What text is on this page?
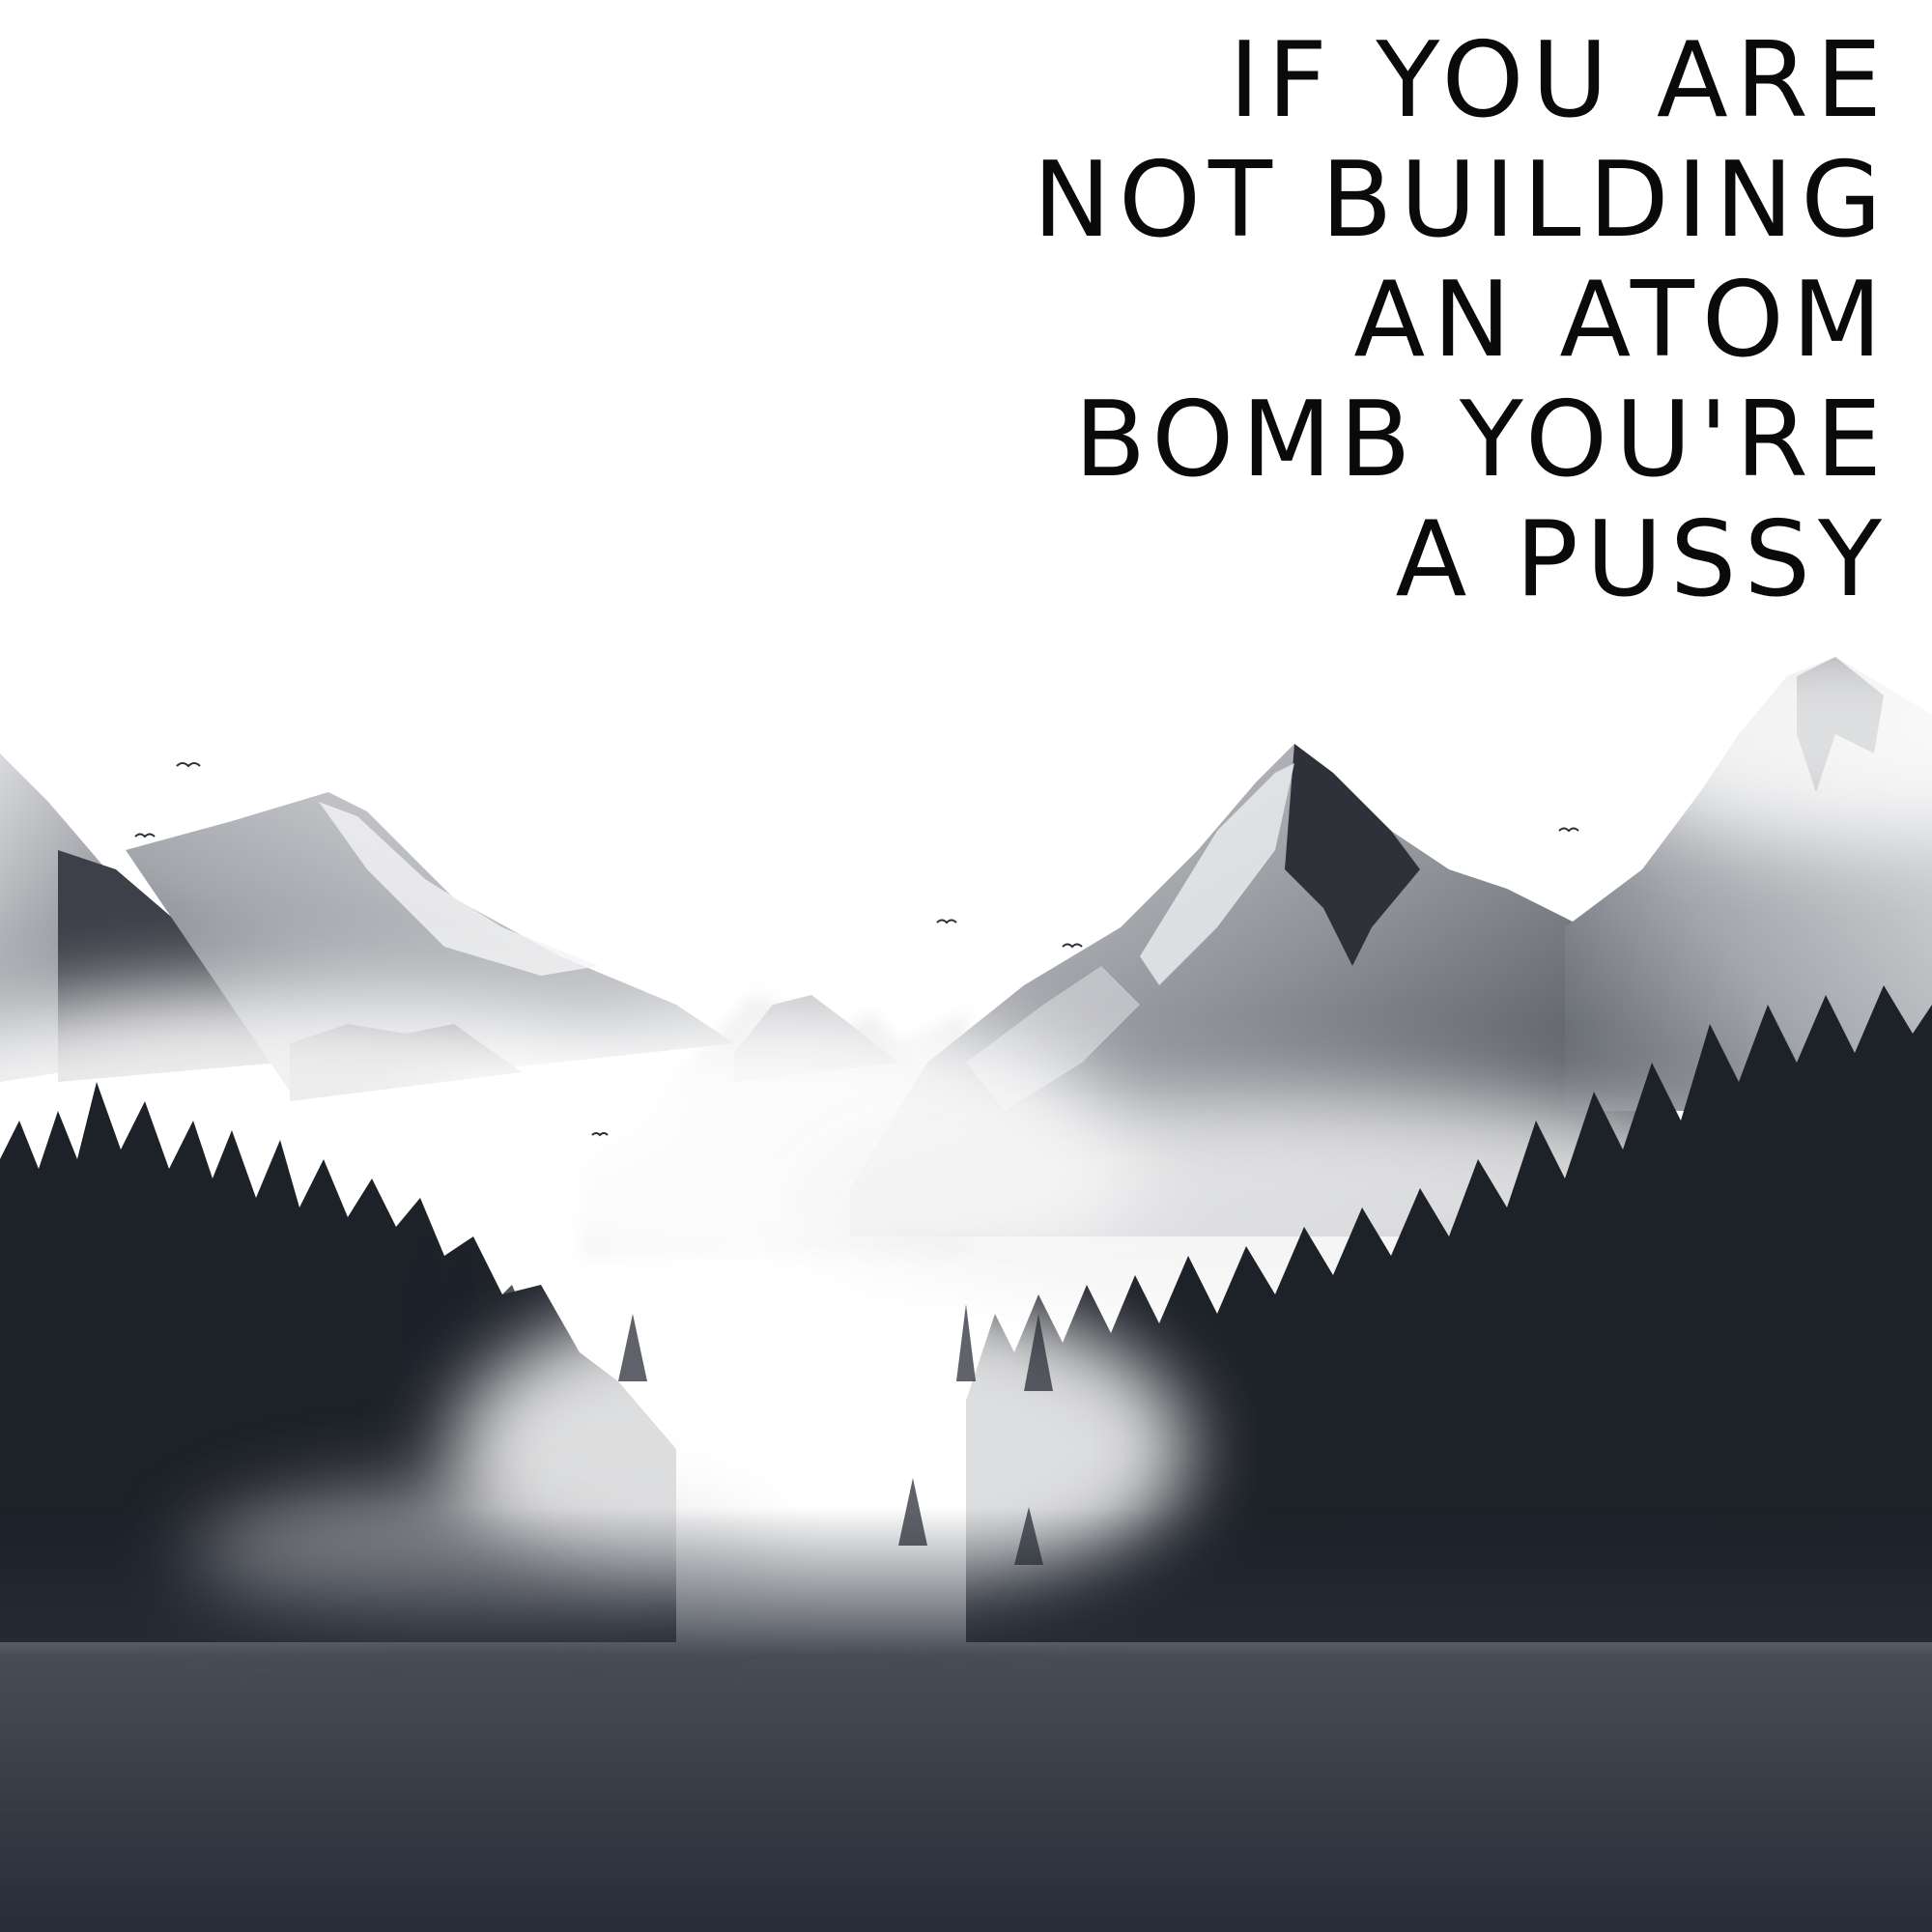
IF YOU ARE
NOT BUILDING
AN ATOM
BOMB YOU'RE
A PUSSY
